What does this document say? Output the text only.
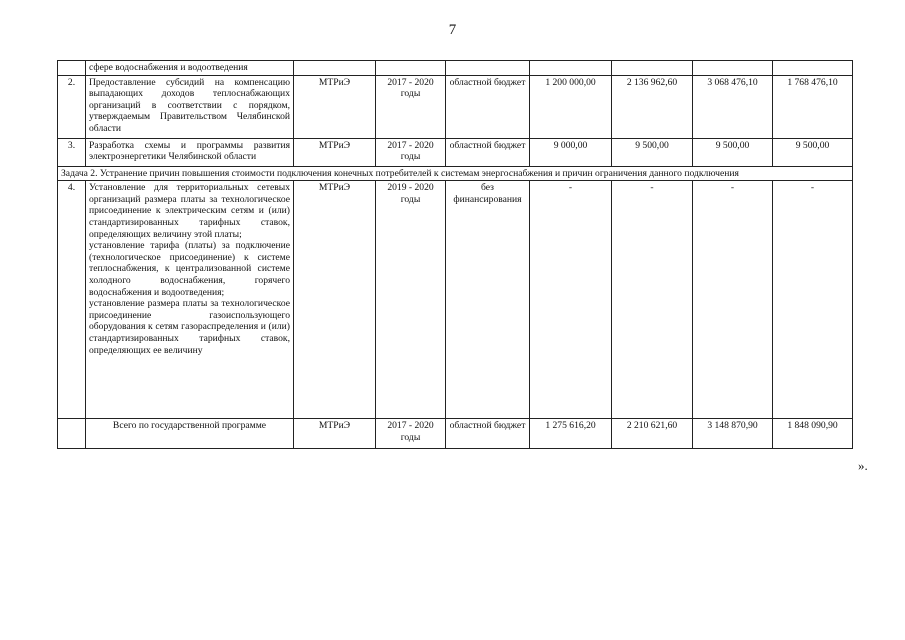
7
	сфере водоснабжения и водоотведения							
2.	Предоставление субсидий на компенсацию выпадающих доходов теплоснабжающих организаций в соответствии с порядком, утверждаемым Правительством Челябинской области	МТРиЭ	2017 - 2020 годы	областной бюджет	1 200 000,00	2 136 962,60	3 068 476,10	1 768 476,10
3.	Разработка схемы и программы развития электроэнергетики Челябинской области	МТРиЭ	2017 - 2020 годы	областной бюджет	9 000,00	9 500,00	9 500,00	9 500,00
Задача 2. Устранение причин повышения стоимости подключения конечных потребителей к системам энергоснабжения и причин ограничения данного подключения								
4.	Установление для территориальных сетевых организаций размера платы за технологическое присоединение к электрическим сетям и (или) стандартизированных тарифных ставок, определяющих величину этой платы;
установление тарифа (платы) за подключение (технологическое присоединение) к системе теплоснабжения, к централизованной системе холодного водоснабжения, горячего водоснабжения и водоотведения;
установление размера платы за технологическое присоединение газоиспользующего оборудования к сетям газораспределения и (или) стандартизированных тарифных ставок, определяющих ее величину	МТРиЭ	2019 - 2020 годы	без финансирования	-	-	-	-
	Всего по государственной программе	МТРиЭ	2017 - 2020 годы	областной бюджет	1 275 616,20	2 210 621,60	3 148 870,90	1 848 090,90
».
